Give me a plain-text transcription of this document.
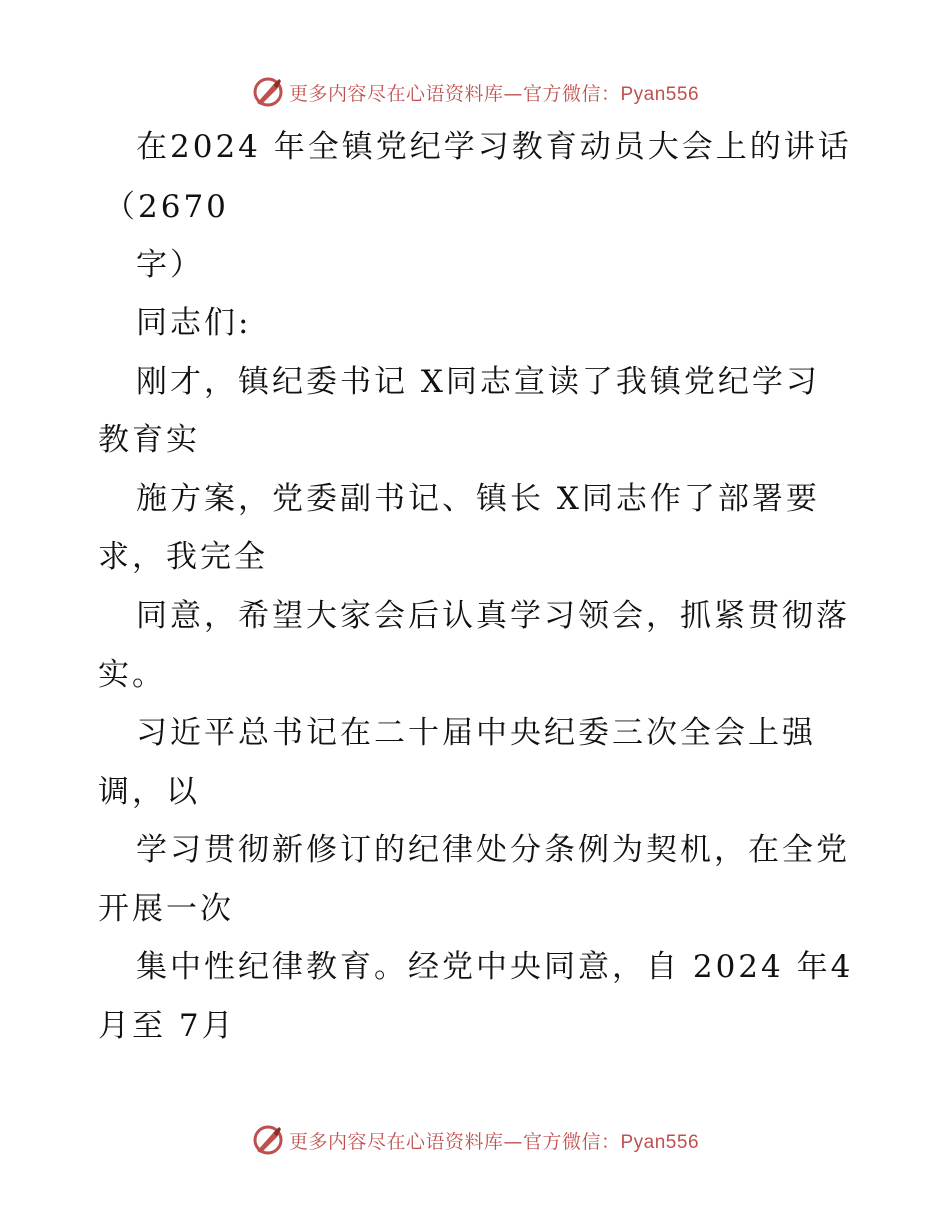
更多内容尽在心语资料库—官方微信：Pyan556
在2024 年全镇党纪学习教育动员大会上的讲话
（2670
字）
同志们:
刚才，镇纪委书记 X同志宣读了我镇党纪学习
教育实
施方案，党委副书记、镇长 X同志作了部署要
求，我完全
同意，希望大家会后认真学习领会，抓紧贯彻落
实。
习近平总书记在二十届中央纪委三次全会上强
调，以
学习贯彻新修订的纪律处分条例为契机，在全党
开展一次
集中性纪律教育。经党中央同意，自 2024 年4
月至 7月
更多内容尽在心语资料库—官方微信：Pyan556
